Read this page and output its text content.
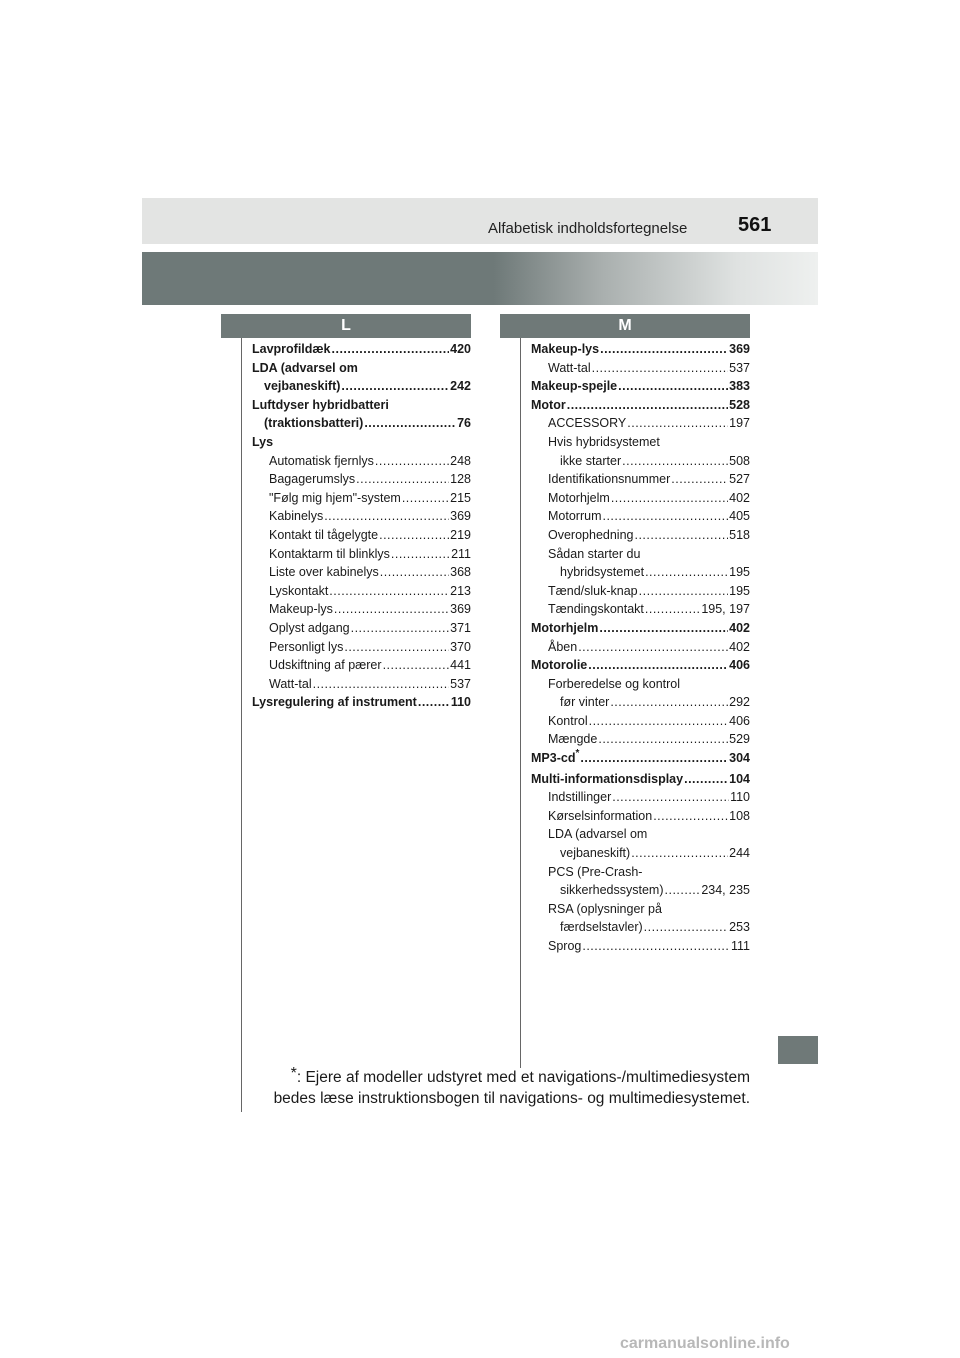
Alfabetisk indholdsfortegnelse	561
L	M
Lavprofildæk .....	420
LDA (advarsel om
vejbaneskift) .....	242
Luftdyser hybridbatteri
(traktionsbatteri) .....	76
Lys
Automatisk fjernlys .....	248
Bagagerumslys .....	128
"Følg mig hjem"-system .....	215
Kabinelys .....	369
Kontakt til tågelygte .....	219
Kontaktarm til blinklys .....	211
Liste over kabinelys .....	368
Lyskontakt .....	213
Makeup-lys .....	369
Oplyst adgang .....	371
Personligt lys .....	370
Udskiftning af pærer .....	441
Watt-tal .....	537
Lysregulering af instrument .....	110
Makeup-lys .....	369
Watt-tal .....	537
Makeup-spejle .....	383
Motor .....	528
ACCESSORY .....	197
Hvis hybridsystemet
ikke starter .....	508
Identifikationsnummer .....	527
Motorhjelm .....	402
Motorrum .....	405
Overophedning .....	518
Sådan starter du
hybridsystemet .....	195
Tænd/sluk-knap .....	195
Tændingskontakt .....	195, 197
Motorhjelm .....	402
Åben .....	402
Motorolie .....	406
Forberedelse og kontrol
før vinter .....	292
Kontrol .....	406
Mængde .....	529
MP3-cd * .....	304
Multi-informationsdisplay .....	104
Indstillinger .....	110
Kørselsinformation .....	108
LDA (advarsel om
vejbaneskift) .....	244
PCS (Pre-Crash-
sikkerhedssystem) .....	234, 235
RSA (oplysninger på
færdselstavler) .....	253
Sprog .....	111
*: Ejere af modeller udstyret med et navigations-/multimediesystem
bedes læse instruktionsbogen til navigations- og multimediesystemet.
carmanualsonline.info
